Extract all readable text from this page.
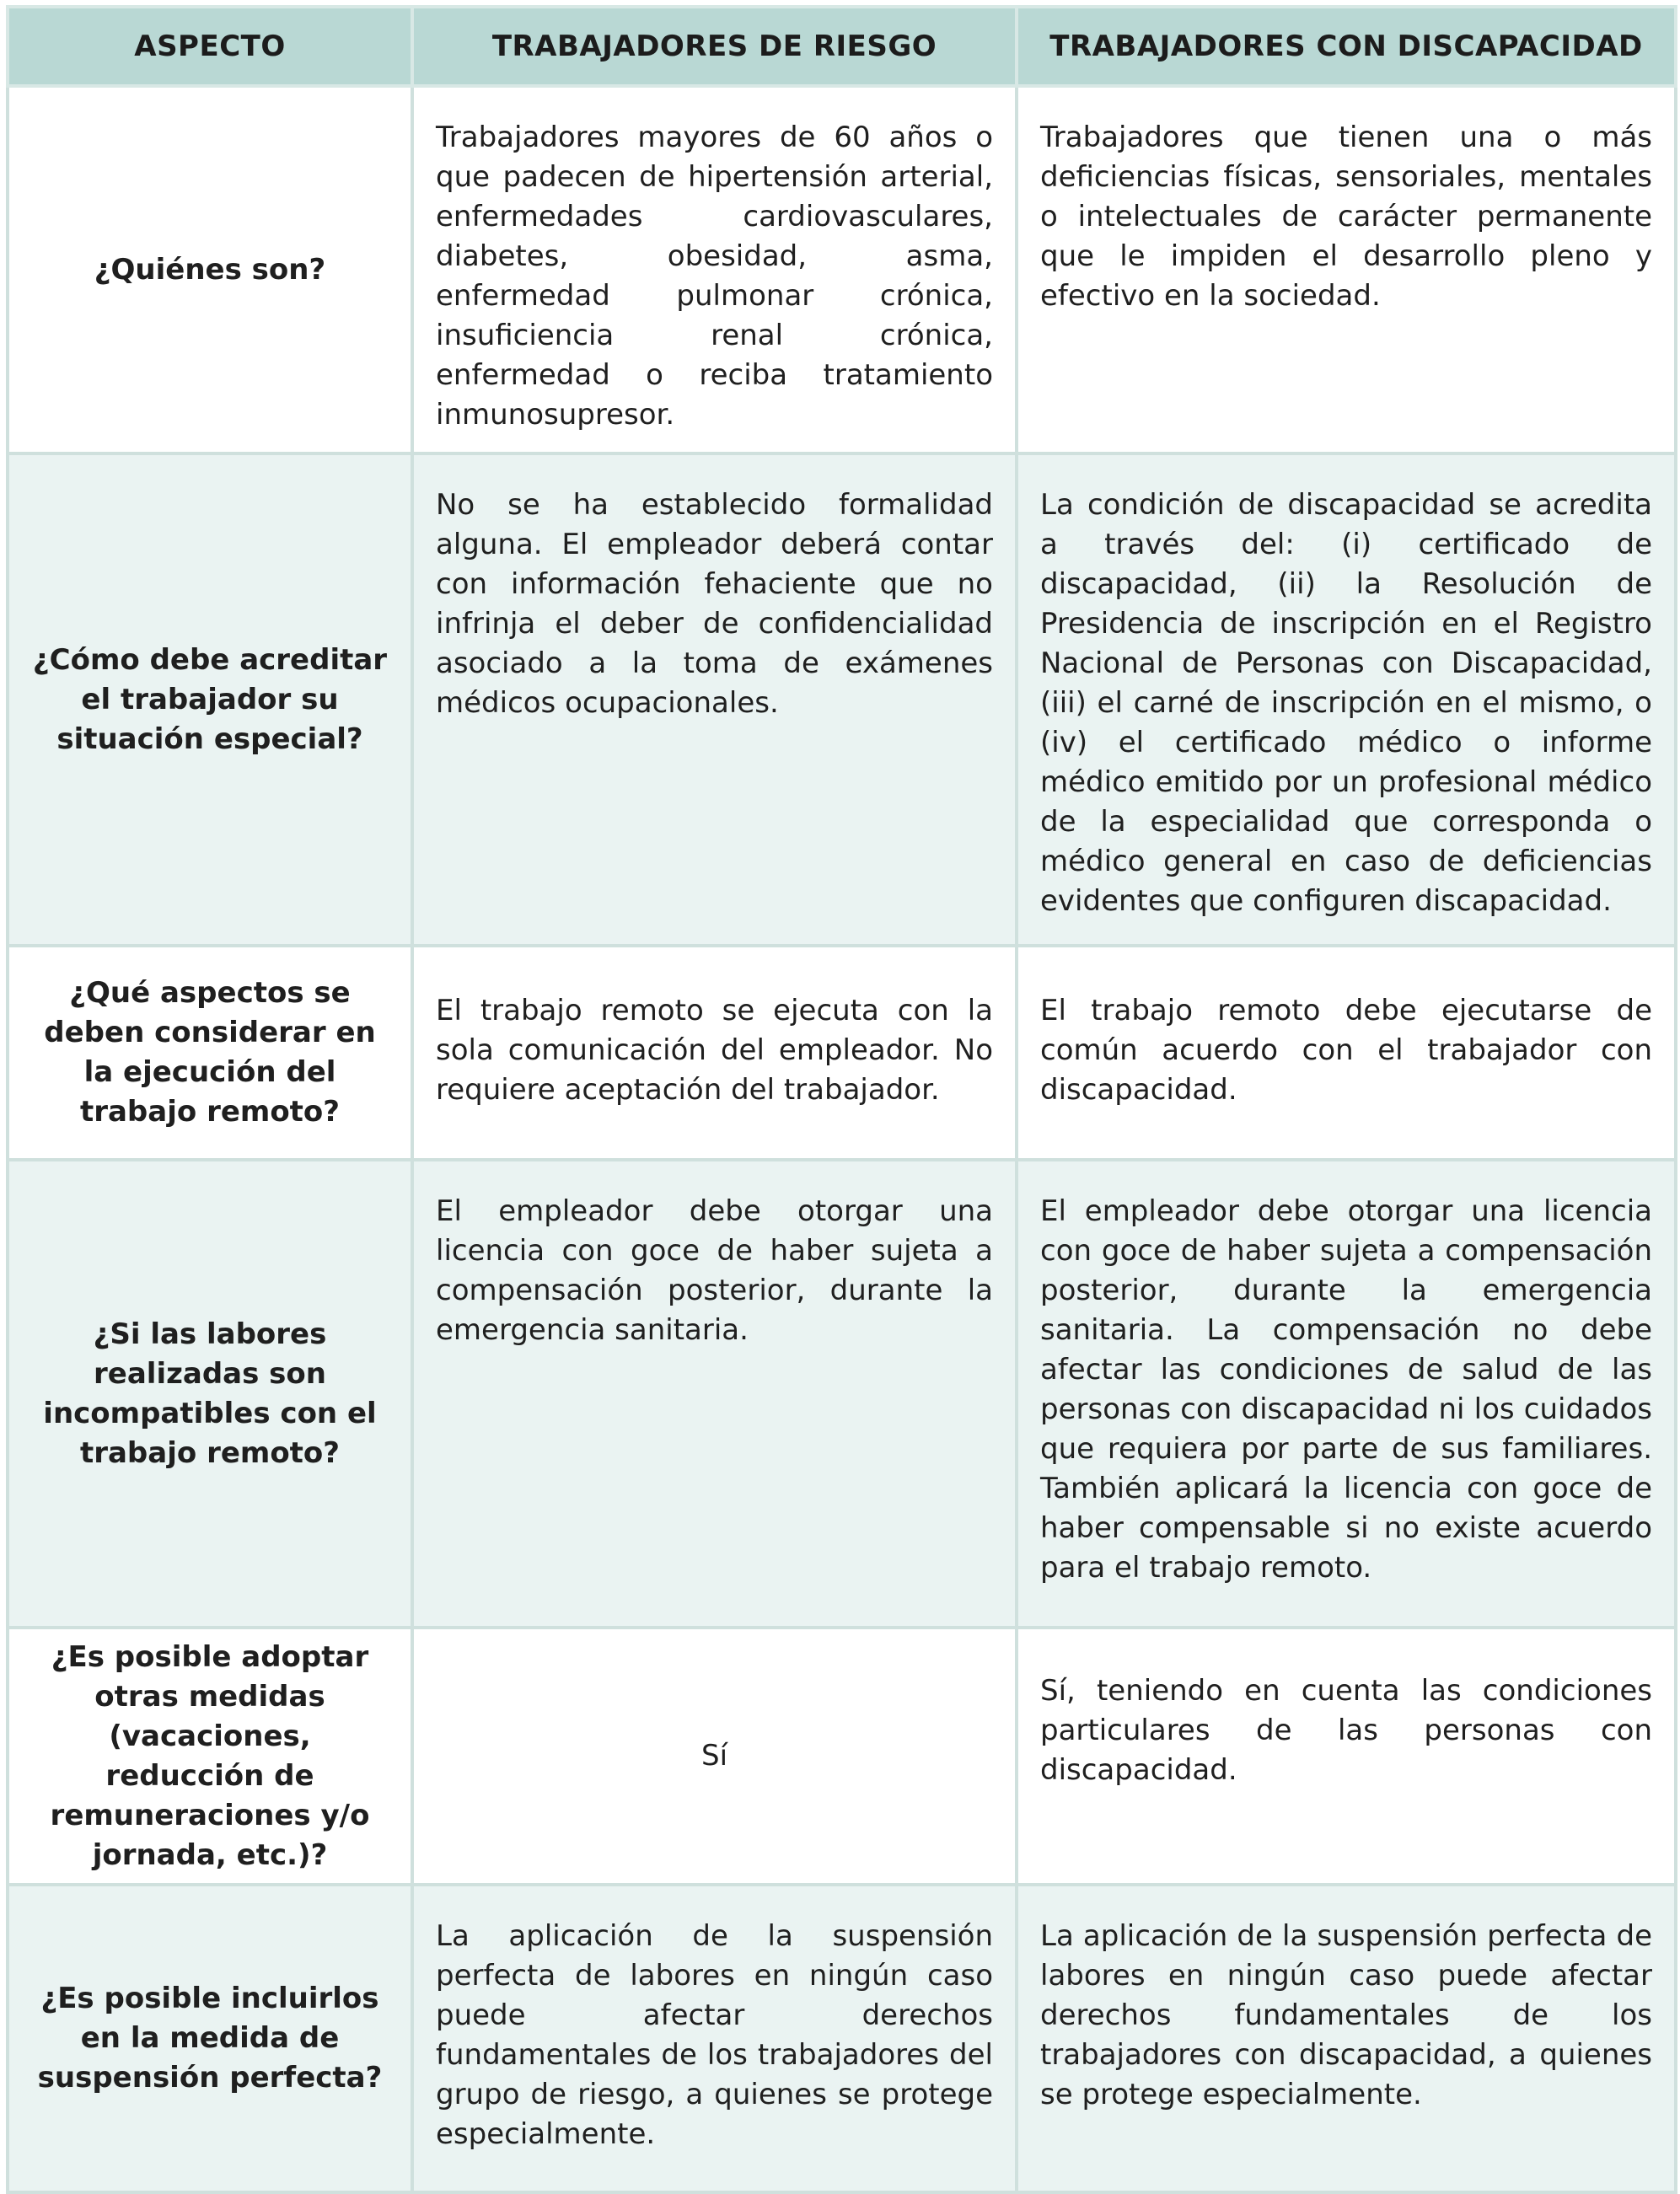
ASPECTO	TRABAJADORES DE RIESGO	TRABAJADORES CON DISCAPACIDAD
¿Quiénes son?	Trabajadores mayores de 60 años o que padecen de hipertensión arterial, enfermedades cardiovasculares, diabetes, obesidad, asma, enfermedad pulmonar crónica, insuficiencia renal crónica, enfermedad o reciba tratamiento inmunosupresor.	Trabajadores que tienen una o más deficiencias físicas, sensoriales, mentales o intelectuales de carácter permanente que le impiden el desarrollo pleno y efectivo en la sociedad.
¿Cómo debe acreditar el trabajador su situación especial?	No se ha establecido formalidad alguna. El empleador deberá contar con información fehaciente que no infrinja el deber de confidencialidad asociado a la toma de exámenes médicos ocupacionales.	La condición de discapacidad se acredita a través del: (i) certificado de discapacidad, (ii) la Resolución de Presidencia de inscripción en el Registro Nacional de Personas con Discapacidad, (iii) el carné de inscripción en el mismo, o (iv) el certificado médico o informe médico emitido por un profesional médico de la especialidad que corresponda o médico general en caso de deficiencias evidentes que configuren discapacidad.
¿Qué aspectos se deben considerar en la ejecución del trabajo remoto?	El trabajo remoto se ejecuta con la sola comunicación del empleador. No requiere aceptación del trabajador.	El trabajo remoto debe ejecutarse de común acuerdo con el trabajador con discapacidad.
¿Si las labores realizadas son incompatibles con el trabajo remoto?	El empleador debe otorgar una licencia con goce de haber sujeta a compensación posterior, durante la emergencia sanitaria.	El empleador debe otorgar una licencia con goce de haber sujeta a compensación posterior, durante la emergencia sanitaria. La compensación no debe afectar las condiciones de salud de las personas con discapacidad ni los cuidados que requiera por parte de sus familiares. También aplicará la licencia con goce de haber compensable si no existe acuerdo para el trabajo remoto.
¿Es posible adoptar otras medidas (vacaciones, reducción de remuneraciones y/o jornada, etc.)?	Sí	Sí, teniendo en cuenta las condiciones particulares de las personas con discapacidad.
¿Es posible incluirlos en la medida de suspensión perfecta?	La aplicación de la suspensión perfecta de labores en ningún caso puede afectar derechos fundamentales de los trabajadores del grupo de riesgo, a quienes se protege especialmente.	La aplicación de la suspensión perfecta de labores en ningún caso puede afectar derechos fundamentales de los trabajadores con discapacidad, a quienes se protege especialmente.
